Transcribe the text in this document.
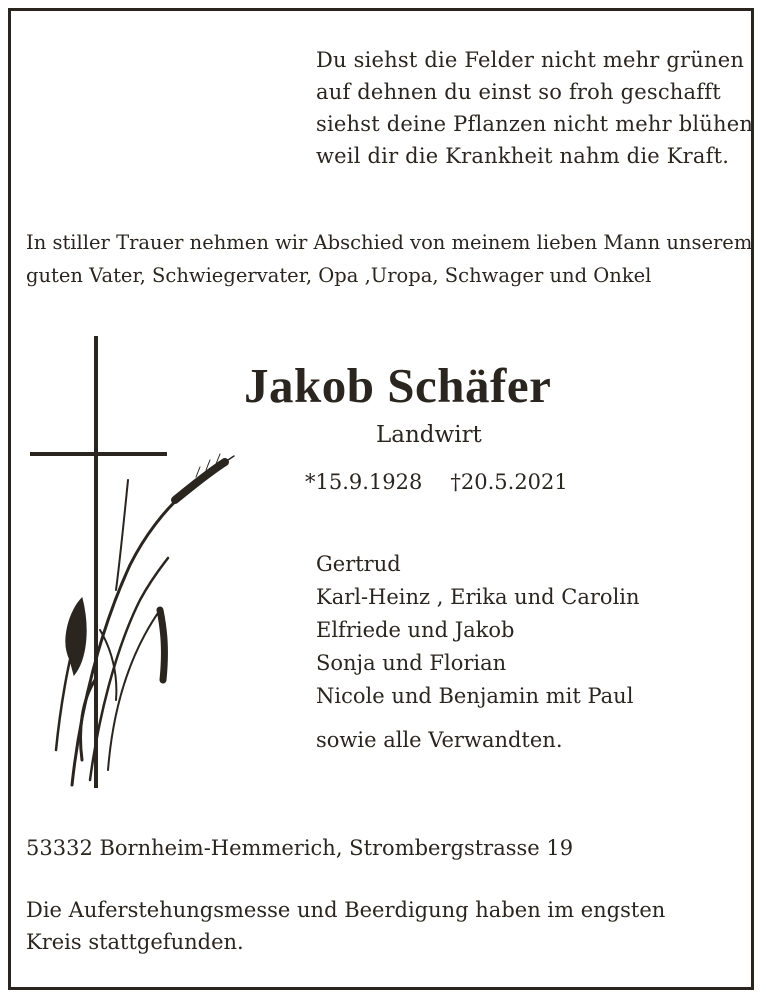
Du siehst die Felder nicht mehr grünen
auf dehnen du einst so froh geschafft
siehst deine Pflanzen nicht mehr blühen
weil dir die Krankheit nahm die Kraft.
In stiller Trauer nehmen wir Abschied von meinem lieben Mann unserem
guten Vater, Schwiegervater, Opa ,Uropa, Schwager und Onkel
Jakob Schäfer
Landwirt
*15.9.1928 †20.5.2021
Gertrud
Karl-Heinz , Erika und Carolin
Elfriede und Jakob
Sonja und Florian
Nicole und Benjamin mit Paul
sowie alle Verwandten.
53332 Bornheim-Hemmerich, Strombergstrasse 19
Die Auferstehungsmesse und Beerdigung haben im engsten
Kreis stattgefunden.
